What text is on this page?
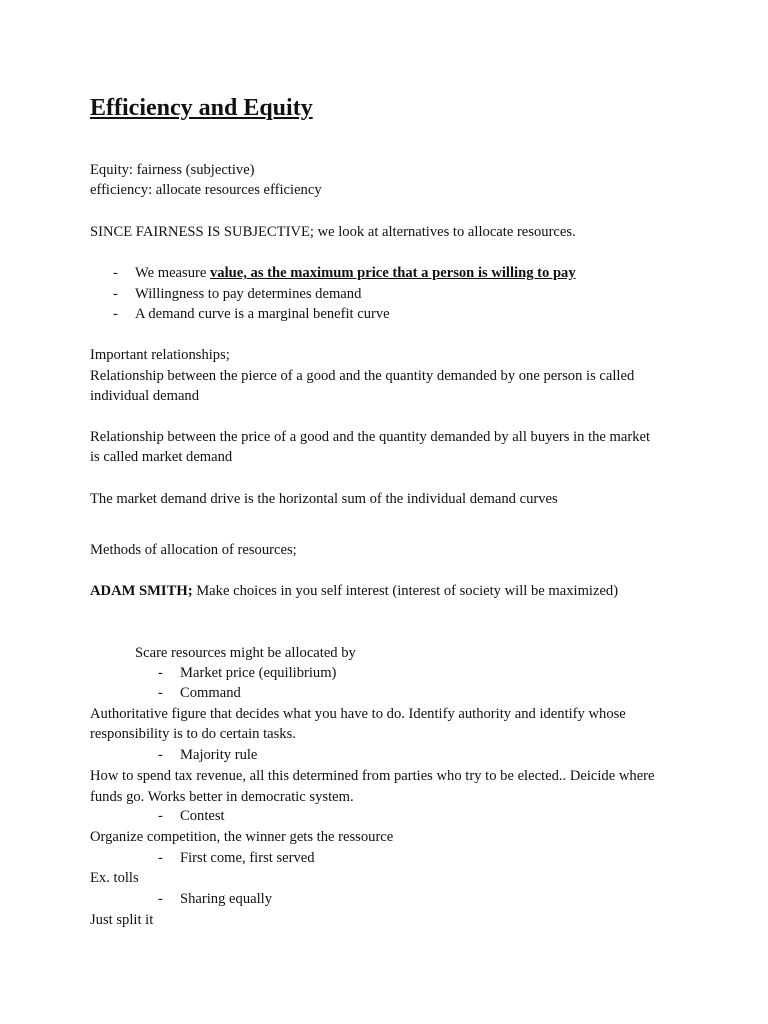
Efficiency and Equity
Equity: fairness (subjective)
efficiency: allocate resources efficiency
SINCE FAIRNESS IS SUBJECTIVE; we look at alternatives to allocate resources.
- We measure value, as the maximum price that a person is willing to pay
- Willingness to pay determines demand
- A demand curve is a marginal benefit curve
Important relationships;
Relationship between the pierce of a good and the quantity demanded by one person is called
individual demand
Relationship between the price of a good and the quantity demanded by all buyers in the market
is called market demand
The market demand drive is the horizontal sum of the individual demand curves
Methods of allocation of resources;
ADAM SMITH; Make choices in you self interest (interest of society will be maximized)
Scare resources might be allocated by
- Market price (equilibrium)
- Command
Authoritative figure that decides what you have to do. Identify authority and identify whose
responsibility is to do certain tasks.
- Majority rule
How to spend tax revenue, all this determined from parties who try to be elected.. Deicide where
funds go. Works better in democratic system.
- Contest
Organize competition, the winner gets the ressource
- First come, first served
Ex. tolls
- Sharing equally
Just split it
